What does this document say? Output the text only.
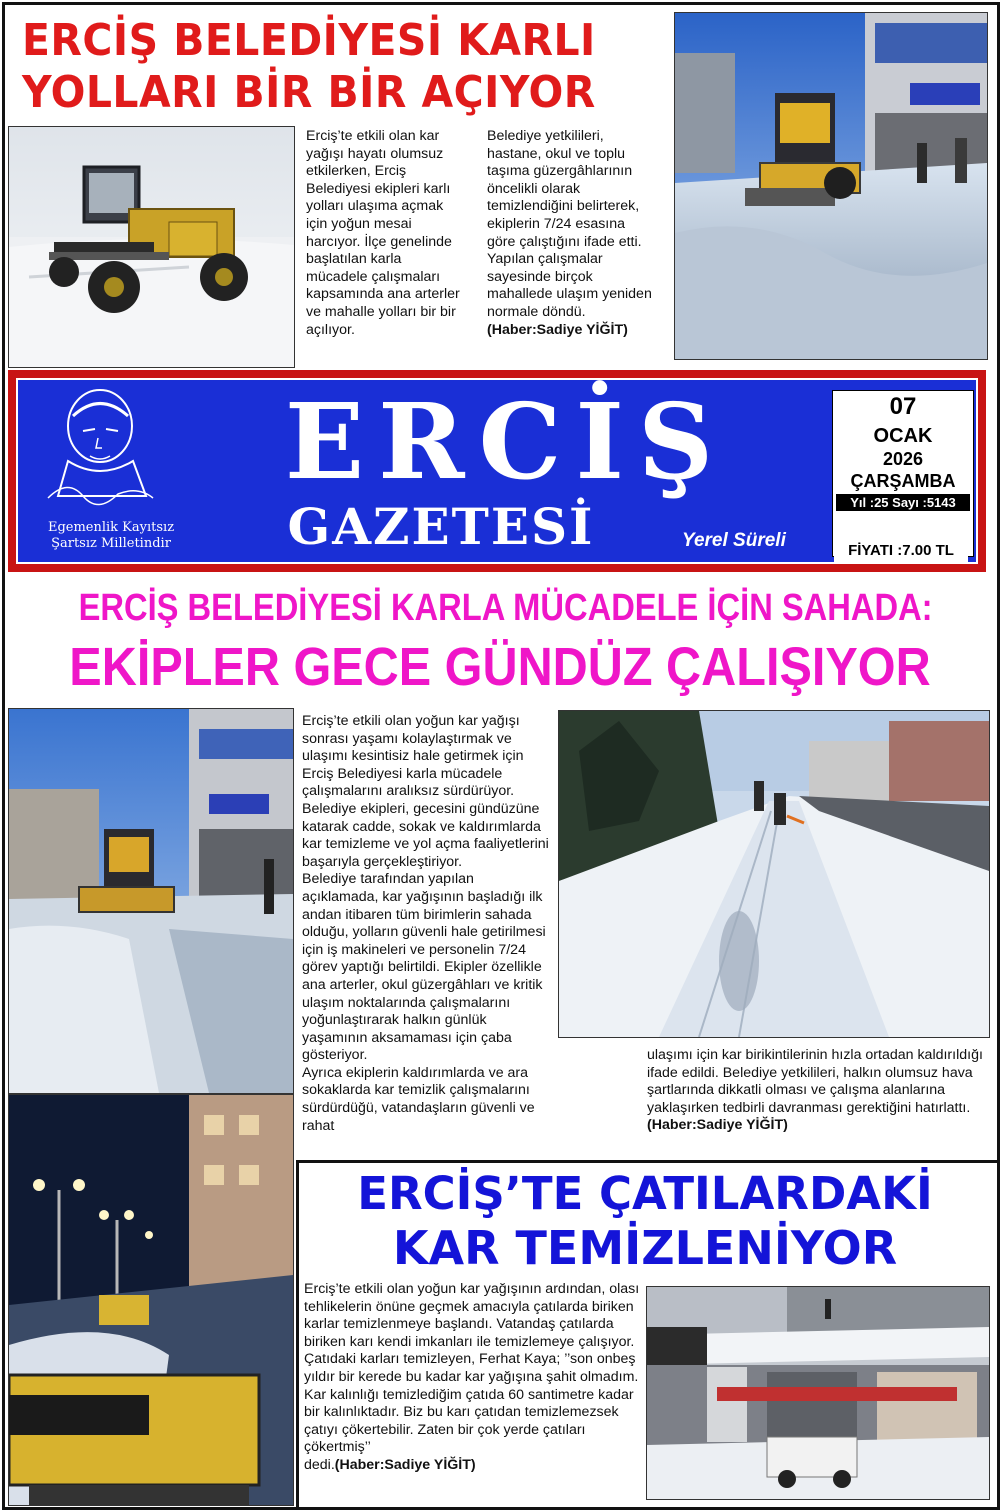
ERCİŞ BELEDİYESİ KARLI
YOLLARI BİR BİR AÇIYOR
Erciş’te etkili olan kar yağışı hayatı olumsuz etkilerken, Erciş Belediyesi ekipleri karlı yolları ulaşıma açmak için yoğun mesai harcıyor. İlçe genelinde başlatılan karla mücadele çalışmaları kapsamında ana arterler ve mahalle yolları bir bir açılıyor.

Belediye yetkilileri, hastane, okul ve toplu taşıma güzergâhlarının öncelikli olarak temizlendiğini belirterek, ekiplerin 7/24 esasına göre çalıştığını ifade etti. Yapılan çalışmalar sayesinde birçok mahallede ulaşım yeniden normale döndü.

(Haber:Sadiye YİĞİT)

Egemenlik Kayıtsız
Şartsız Milletindir
ERCİŞ
GAZETESİ	Yerel Süreli
07
OCAK
2026
ÇARŞAMBA
Yıl :25 Sayı :5143
FİYATI :7.00 TL
ERCİŞ BELEDİYESİ KARLA MÜCADELE İÇİN SAHADA:
EKİPLER GECE GÜNDÜZ ÇALIŞIYOR

Erciş’te etkili olan yoğun kar yağışı sonrası yaşamı kolaylaştırmak ve ulaşımı kesintisiz hale getirmek için Erciş Belediyesi karla mücadele çalışmalarını aralıksız sürdürüyor.

Belediye ekipleri, gecesini gündüzüne katarak cadde, sokak ve kaldırımlarda kar temizleme ve yol açma faaliyetlerini başarıyla gerçekleştiriyor.

Belediye tarafından yapılan açıklamada, kar yağışının başladığı ilk andan itibaren tüm birimlerin sahada olduğu, yolların güvenli hale getirilmesi için iş makineleri ve personelin 7/24 görev yaptığı belirtildi. Ekipler özellikle ana arterler, okul güzergâhları ve kritik ulaşım noktalarında çalışmalarını yoğunlaştırarak halkın günlük yaşamının aksamaması için çaba gösteriyor.

Ayrıca ekiplerin kaldırımlarda ve ara sokaklarda kar temizlik çalışmalarını sürdürdüğü, vatandaşların güvenli ve rahat

ulaşımı için kar birikintilerinin hızla ortadan kaldırıldığı ifade edildi. Belediye yetkilileri, halkın olumsuz hava şartlarında dikkatli olması ve çalışma alanlarına yaklaşırken tedbirli davranması gerektiğini hatırlattı.

(Haber:Sadiye YİĞİT)

ERCİŞ’TE ÇATILARDAKİ
KAR TEMİZLENİYOR

Erciş’te etkili olan yoğun kar yağışının ardından, olası tehlikelerin önüne geçmek amacıyla çatılarda biriken karlar temizlenmeye başlandı. Vatandaş çatılarda biriken karı kendi imkanları ile temizlemeye çalışıyor.

Çatıdaki karları temizleyen, Ferhat Kaya; ’’son onbeş yıldır bir kerede bu kadar kar yağışına şahit olmadım. Kar kalınlığı temizlediğim çatıda 60 santimetre kadar bir kalınlıktadır. Biz bu karı çatıdan temizlemezsek çatıyı çökertebilir. Zaten bir çok yerde çatıları çökertmiş’’
dedi.(Haber:Sadiye YİĞİT)
